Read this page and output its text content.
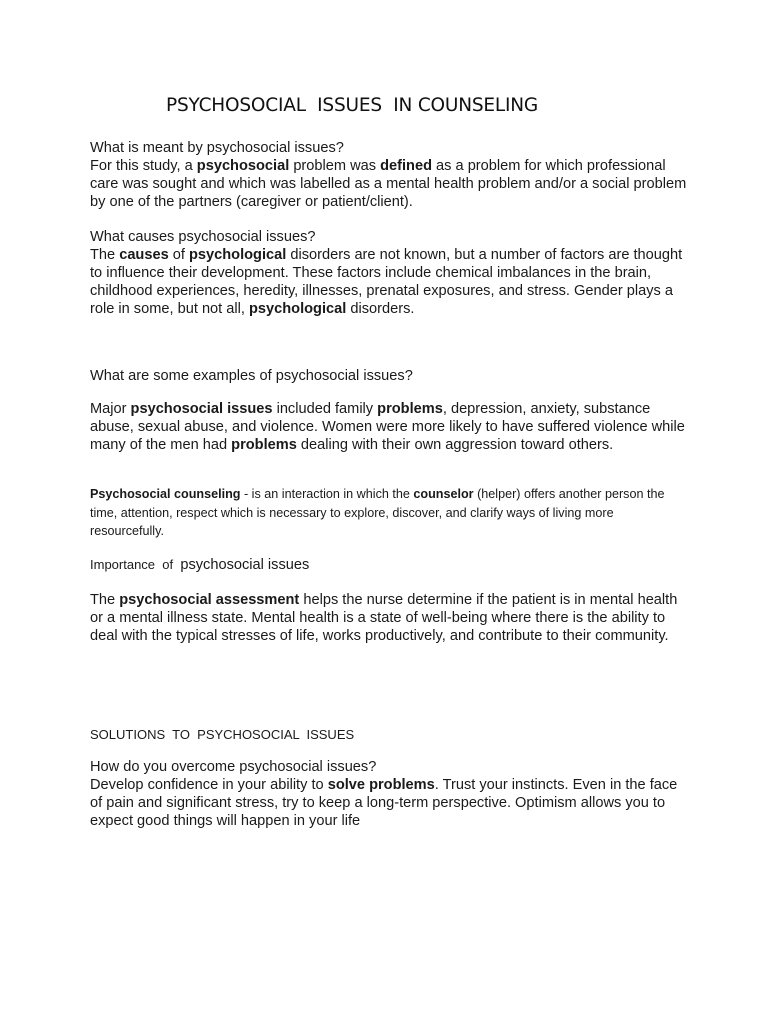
PSYCHOSOCIAL  ISSUES  IN COUNSELING

What is meant by psychosocial issues?

For this study, a psychosocial problem was defined as a problem for which professional care was sought and which was labelled as a mental health problem and/or a social problem by one of the partners (caregiver or patient/client).

What causes psychosocial issues?

The causes of psychological disorders are not known, but a number of factors are thought to influence their development. These factors include chemical imbalances in the brain, childhood experiences, heredity, illnesses, prenatal exposures, and stress. Gender plays a role in some, but not all, psychological disorders.

What are some examples of psychosocial issues?

Major psychosocial issues included family problems, depression, anxiety, substance abuse, sexual abuse, and violence. Women were more likely to have suffered violence while many of the men had problems dealing with their own aggression toward others.

Psychosocial counseling - is an interaction in which the counselor (helper) offers another person the time, attention, respect which is necessary to explore, discover, and clarify ways of living more resourcefully.

Importance  of  psychosocial issues

The psychosocial assessment helps the nurse determine if the patient is in mental health or a mental illness state. Mental health is a state of well-being where there is the ability to deal with the typical stresses of life, works productively, and contribute to their community.

SOLUTIONS  TO  PSYCHOSOCIAL  ISSUES

How do you overcome psychosocial issues?

Develop confidence in your ability to solve problems. Trust your instincts. Even in the face of pain and significant stress, try to keep a long-term perspective. Optimism allows you to expect good things will happen in your life
